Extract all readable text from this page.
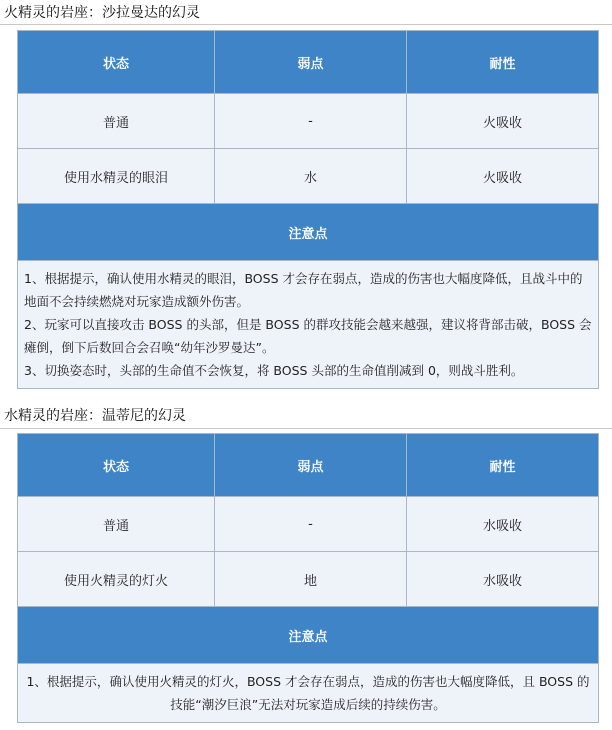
火精灵的岩座：沙拉曼达的幻灵
状态	弱点	耐性
普通	-	火吸收
使用水精灵的眼泪	水	火吸收
注意点		

1、根据提示，确认使用水精灵的眼泪，BOSS 才会存在弱点，造成的伤害也大幅度降低，且战斗中的地面不会持续燃烧对玩家造成额外伤害。
2、玩家可以直接攻击 BOSS 的头部，但是 BOSS 的群攻技能会越来越强，建议将背部击破，BOSS 会瘫倒，倒下后数回合会召唤“幼年沙罗曼达”。
3、切换姿态时，头部的生命值不会恢复，将 BOSS 头部的生命值削减到 0，则战斗胜利。		
水精灵的岩座：温蒂尼的幻灵
状态	弱点	耐性
普通	-	水吸收
使用火精灵的灯火	地	水吸收
注意点		

1、根据提示，确认使用火精灵的灯火，BOSS 才会存在弱点，造成的伤害也大幅度降低，且 BOSS 的技能“潮汐巨浪”无法对玩家造成后续的持续伤害。		
